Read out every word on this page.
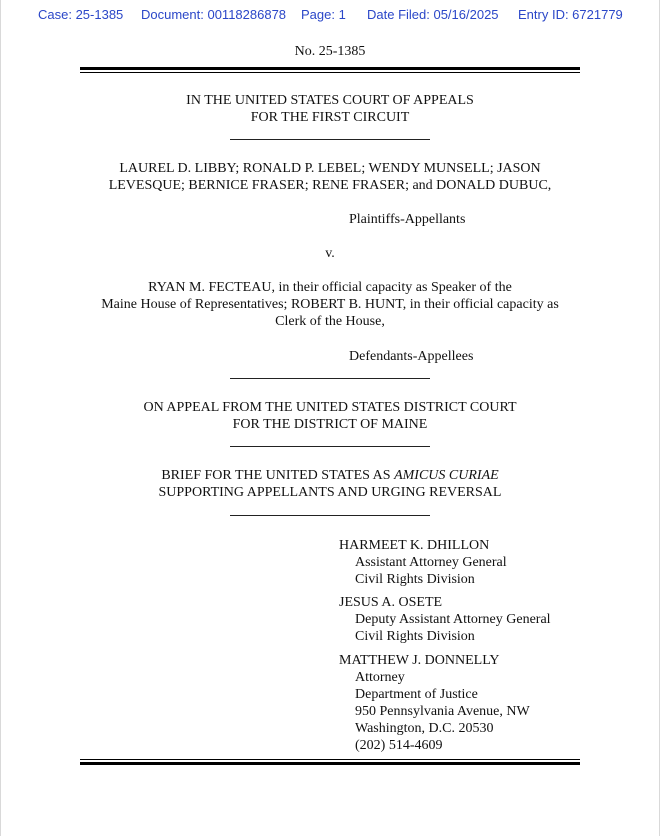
Case: 25-1385 Document: 00118286878 Page: 1 Date Filed: 05/16/2025 Entry ID: 6721779
No. 25-1385
IN THE UNITED STATES COURT OF APPEALS
FOR THE FIRST CIRCUIT
LAUREL D. LIBBY; RONALD P. LEBEL; WENDY MUNSELL; JASON
LEVESQUE; BERNICE FRASER; RENE FRASER; and DONALD DUBUC,
Plaintiffs-Appellants
v.
RYAN M. FECTEAU, in their official capacity as Speaker of the
Maine House of Representatives; ROBERT B. HUNT, in their official capacity as
Clerk of the House,
Defendants-Appellees
ON APPEAL FROM THE UNITED STATES DISTRICT COURT
FOR THE DISTRICT OF MAINE
BRIEF FOR THE UNITED STATES AS AMICUS CURIAE
SUPPORTING APPELLANTS AND URGING REVERSAL
HARMEET K. DHILLON
Assistant Attorney General
Civil Rights Division
JESUS A. OSETE
Deputy Assistant Attorney General
Civil Rights Division
MATTHEW J. DONNELLY
Attorney
Department of Justice
950 Pennsylvania Avenue, NW
Washington, D.C. 20530
(202) 514-4609
